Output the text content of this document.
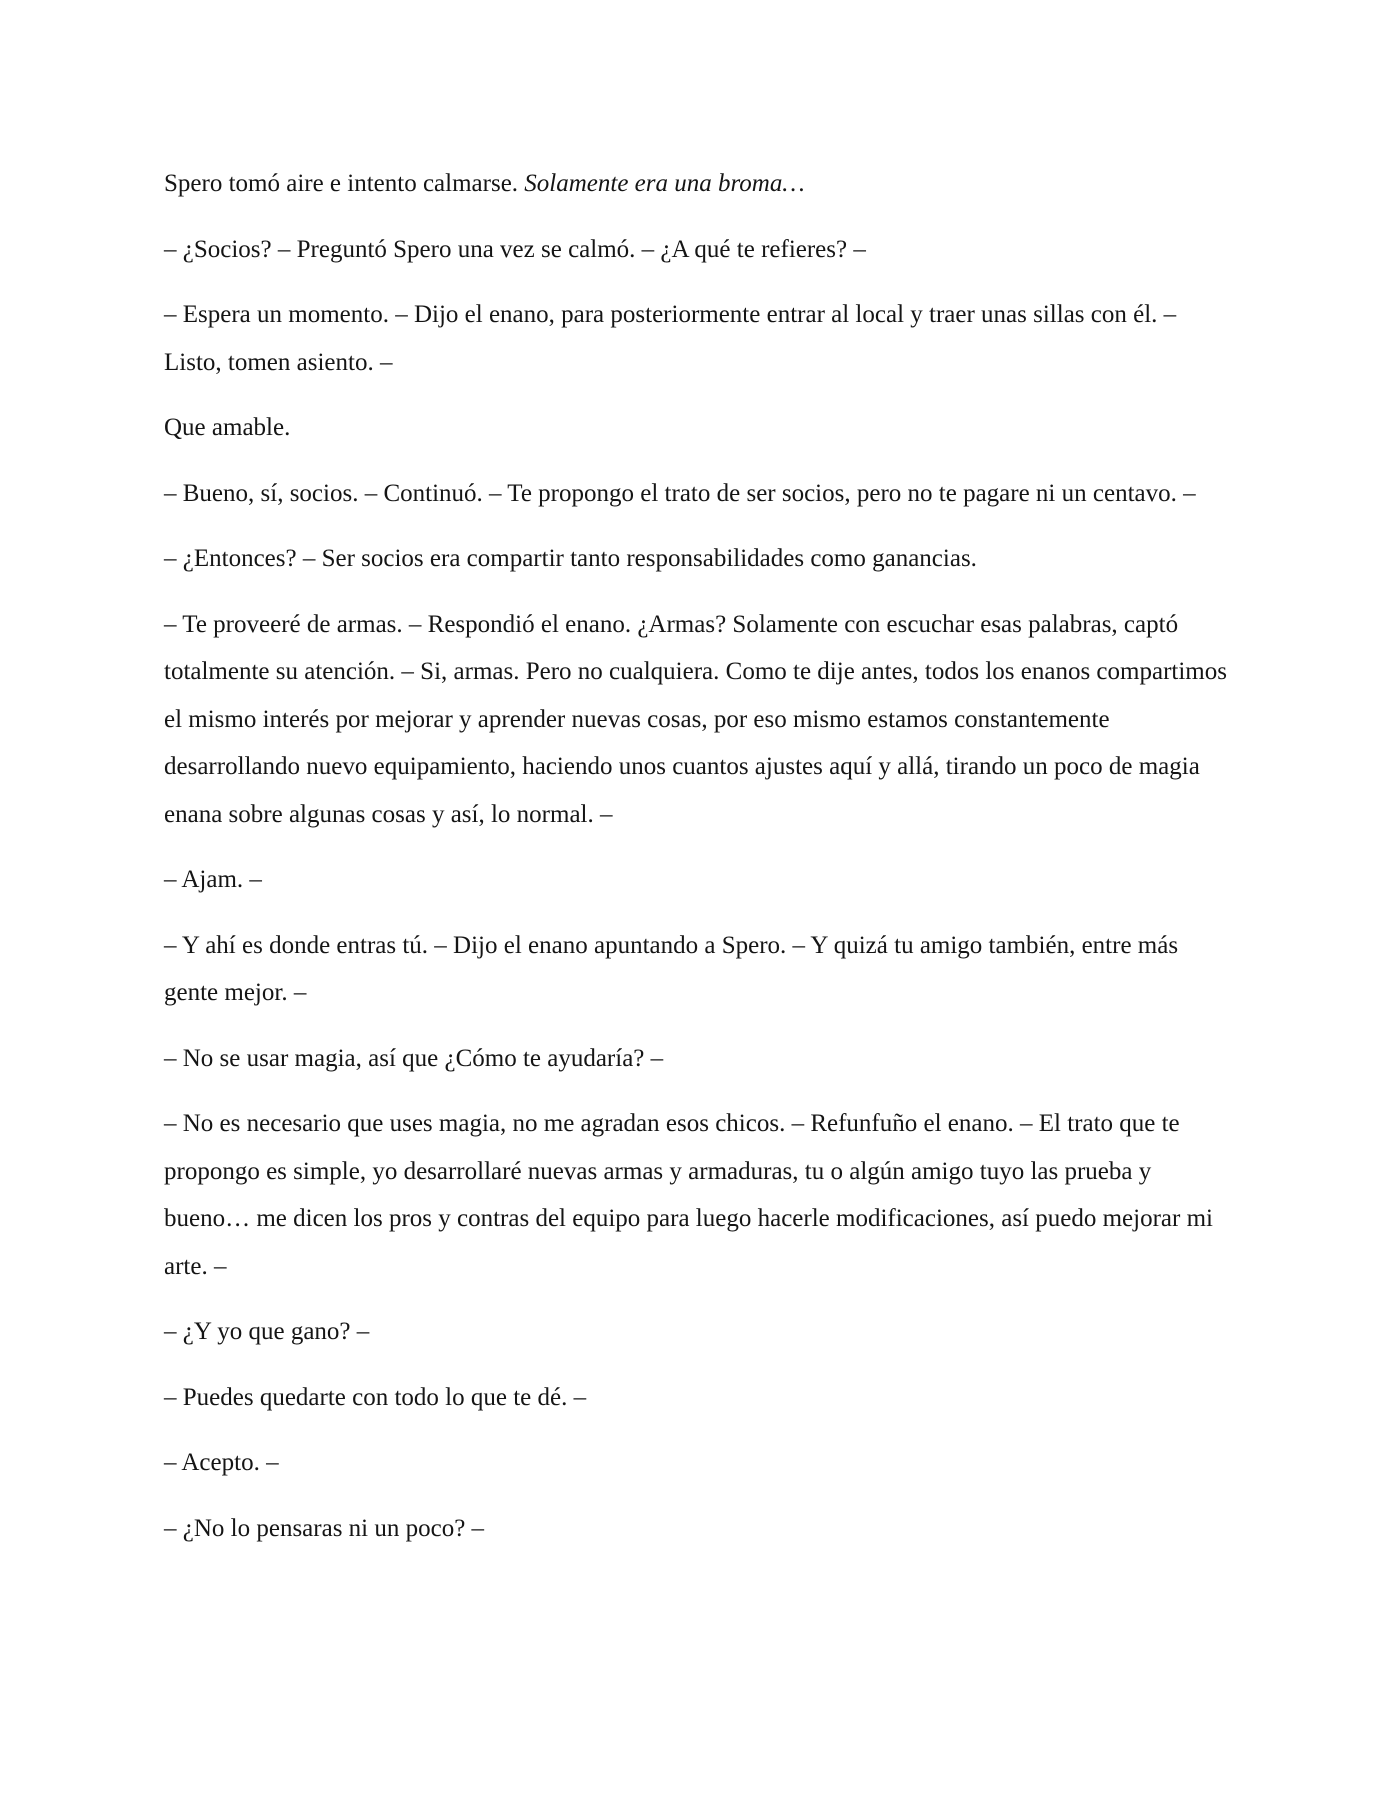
Spero tomó aire e intento calmarse. Solamente era una broma…

– ¿Socios? – Preguntó Spero una vez se calmó. – ¿A qué te refieres? –

– Espera un momento. – Dijo el enano, para posteriormente entrar al local y traer unas sillas con él. – Listo, tomen asiento. –

Que amable.

– Bueno, sí, socios. – Continuó. – Te propongo el trato de ser socios, pero no te pagare ni un centavo. –

– ¿Entonces? – Ser socios era compartir tanto responsabilidades como ganancias.

– Te proveeré de armas. – Respondió el enano. ¿Armas? Solamente con escuchar esas palabras, captó totalmente su atención. – Si, armas. Pero no cualquiera. Como te dije antes, todos los enanos compartimos el mismo interés por mejorar y aprender nuevas cosas, por eso mismo estamos constantemente desarrollando nuevo equipamiento, haciendo unos cuantos ajustes aquí y allá, tirando un poco de magia enana sobre algunas cosas y así, lo normal. –

– Ajam. –

– Y ahí es donde entras tú. – Dijo el enano apuntando a Spero. – Y quizá tu amigo también, entre más gente mejor. –

– No se usar magia, así que ¿Cómo te ayudaría? –

– No es necesario que uses magia, no me agradan esos chicos. – Refunfuño el enano. – El trato que te propongo es simple, yo desarrollaré nuevas armas y armaduras, tu o algún amigo tuyo las prueba y bueno… me dicen los pros y contras del equipo para luego hacerle modificaciones, así puedo mejorar mi arte. –

– ¿Y yo que gano? –

– Puedes quedarte con todo lo que te dé. –

– Acepto. –

– ¿No lo pensaras ni un poco? –
